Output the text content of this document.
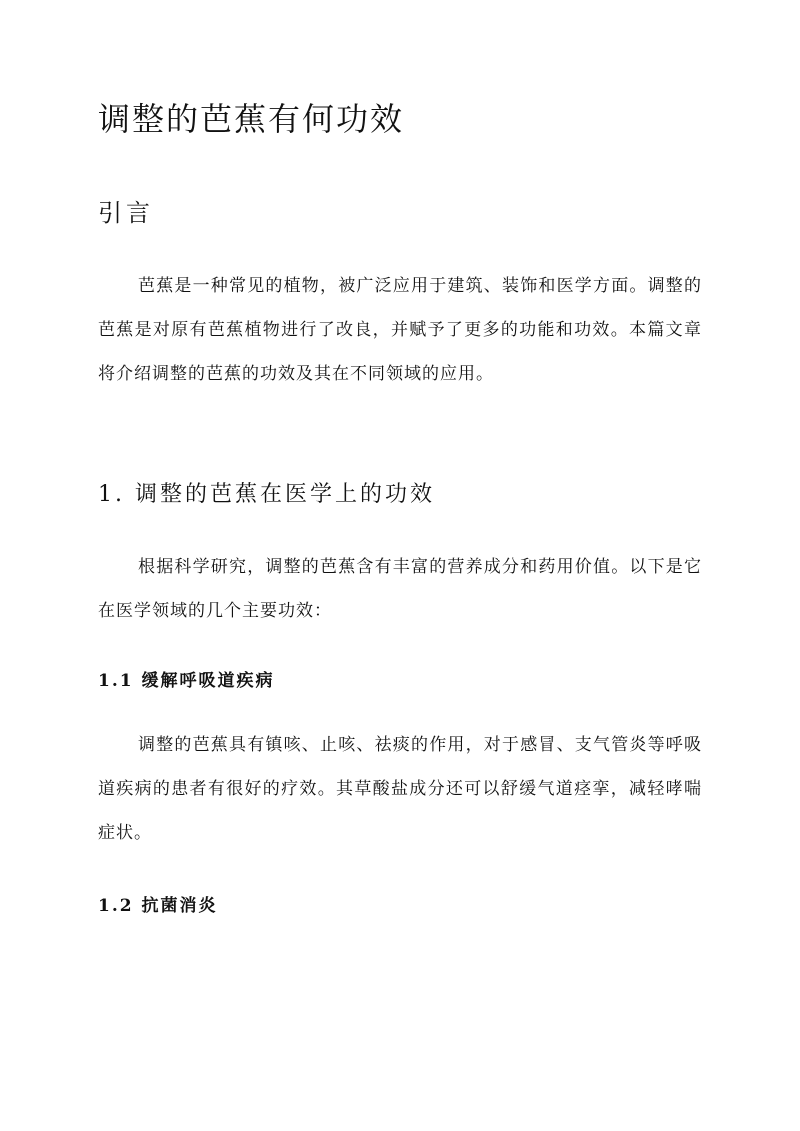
调整的芭蕉有何功效
引言

芭蕉是一种常见的植物，被广泛应用于建筑、装饰和医学方面。调整的芭蕉是对原有芭蕉植物进行了改良，并赋予了更多的功能和功效。本篇文章将介绍调整的芭蕉的功效及其在不同领域的应用。

1. 调整的芭蕉在医学上的功效

根据科学研究，调整的芭蕉含有丰富的营养成分和药用价值。以下是它在医学领域的几个主要功效：

1.1 缓解呼吸道疾病

调整的芭蕉具有镇咳、止咳、祛痰的作用，对于感冒、支气管炎等呼吸道疾病的患者有很好的疗效。其草酸盐成分还可以舒缓气道痉挛，减轻哮喘症状。

1.2 抗菌消炎
